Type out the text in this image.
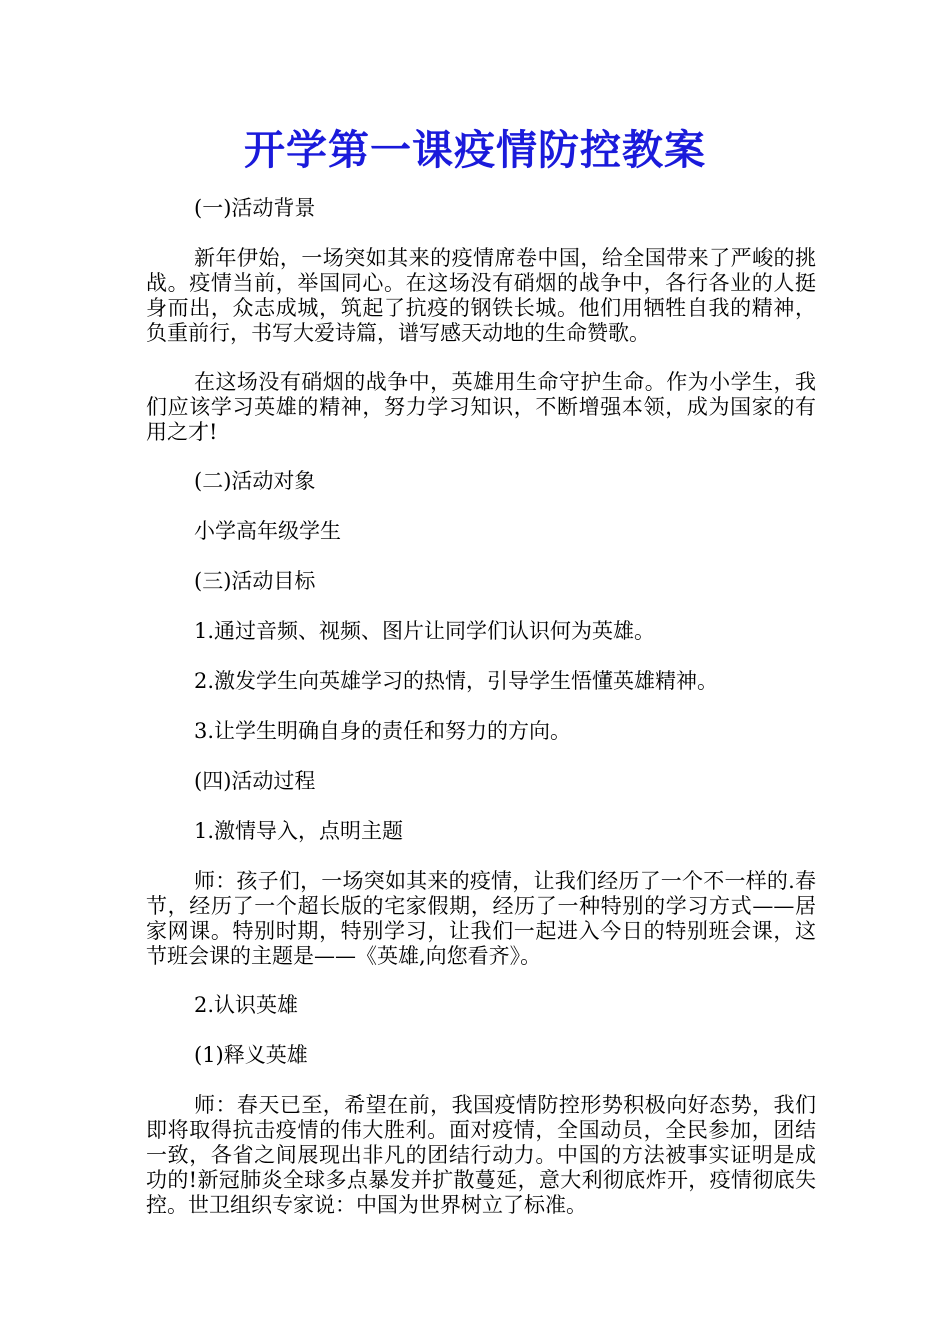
开学第一课疫情防控教案

(一)活动背景

新年伊始，一场突如其来的疫情席卷中国，给全国带来了严峻的挑战。疫情当前，举国同心。在这场没有硝烟的战争中，各行各业的人挺身而出，众志成城，筑起了抗疫的钢铁长城。他们用牺牲自我的精神，负重前行，书写大爱诗篇，谱写感天动地的生命赞歌。

在这场没有硝烟的战争中，英雄用生命守护生命。作为小学生，我们应该学习英雄的精神，努力学习知识，不断增强本领，成为国家的有用之才!

(二)活动对象

小学高年级学生

(三)活动目标

1.通过音频、视频、图片让同学们认识何为英雄。

2.激发学生向英雄学习的热情，引导学生悟懂英雄精神。

3.让学生明确自身的责任和努力的方向。

(四)活动过程

1.激情导入，点明主题

师：孩子们，一场突如其来的疫情，让我们经历了一个不一样的.春节，经历了一个超长版的宅家假期，经历了一种特别的学习方式——居家网课。特别时期，特别学习，让我们一起进入今日的特别班会课，这节班会课的主题是——《英雄,向您看齐》。

2.认识英雄

(1)释义英雄

师：春天已至，希望在前，我国疫情防控形势积极向好态势，我们即将取得抗击疫情的伟大胜利。面对疫情，全国动员，全民参加，团结一致，各省之间展现出非凡的团结行动力。中国的方法被事实证明是成功的!新冠肺炎全球多点暴发并扩散蔓延，意大利彻底炸开，疫情彻底失控。世卫组织专家说：中国为世界树立了标准。
